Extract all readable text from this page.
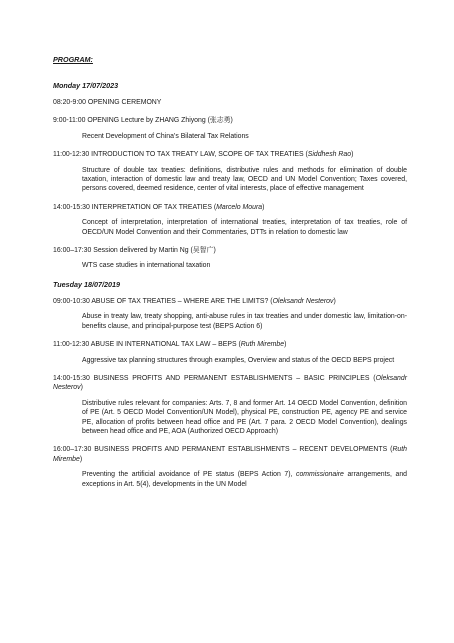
PROGRAM:
Monday 17/07/2023
08:20-9:00 OPENING CEREMONY
9:00-11:00 OPENING Lecture by ZHANG Zhiyong (张志勇)
Recent Development of China’s Bilateral Tax Relations
11:00-12:30 INTRODUCTION TO TAX TREATY LAW, SCOPE OF TAX TREATIES (Siddhesh Rao)
Structure of double tax treaties: definitions, distributive rules and methods for elimination of double taxation, interaction of domestic law and treaty law, OECD and UN Model Convention; Taxes covered, persons covered, deemed residence, center of vital interests, place of effective management
14:00-15:30 INTERPRETATION OF TAX TREATIES (Marcelo Moura)
Concept of interpretation, interpretation of international treaties, interpretation of tax treaties, role of OECD/UN Model Convention and their Commentaries, DTTs in relation to domestic law
16:00–17:30 Session delivered by Martin Ng (吴智广)
WTS case studies in international taxation
Tuesday 18/07/2019
09:00-10:30 ABUSE OF TAX TREATIES – WHERE ARE THE LIMITS? (Oleksandr Nesterov)
Abuse in treaty law, treaty shopping, anti-abuse rules in tax treaties and under domestic law, limitation-on-benefits clause, and principal-purpose test (BEPS Action 6)
11:00-12:30 ABUSE IN INTERNATIONAL TAX LAW – BEPS (Ruth Mirembe)
Aggressive tax planning structures through examples, Overview and status of the OECD BEPS project
14:00-15:30 BUSINESS PROFITS AND PERMANENT ESTABLISHMENTS – BASIC PRINCIPLES (Oleksandr Nesterov)
Distributive rules relevant for companies: Arts. 7, 8 and former Art. 14 OECD Model Convention, definition of PE (Art. 5 OECD Model Convention/UN Model), physical PE, construction PE, agency PE and service PE, allocation of profits between head office and PE (Art. 7 para. 2 OECD Model Convention), dealings between head office and PE, AOA (Authorized OECD Approach)
16:00–17:30 BUSINESS PROFITS AND PERMANENT ESTABLISHMENTS – RECENT DEVELOPMENTS (Ruth Mirembe)
Preventing the artificial avoidance of PE status (BEPS Action 7), commissionaire arrangements, and exceptions in Art. 5(4), developments in the UN Model
